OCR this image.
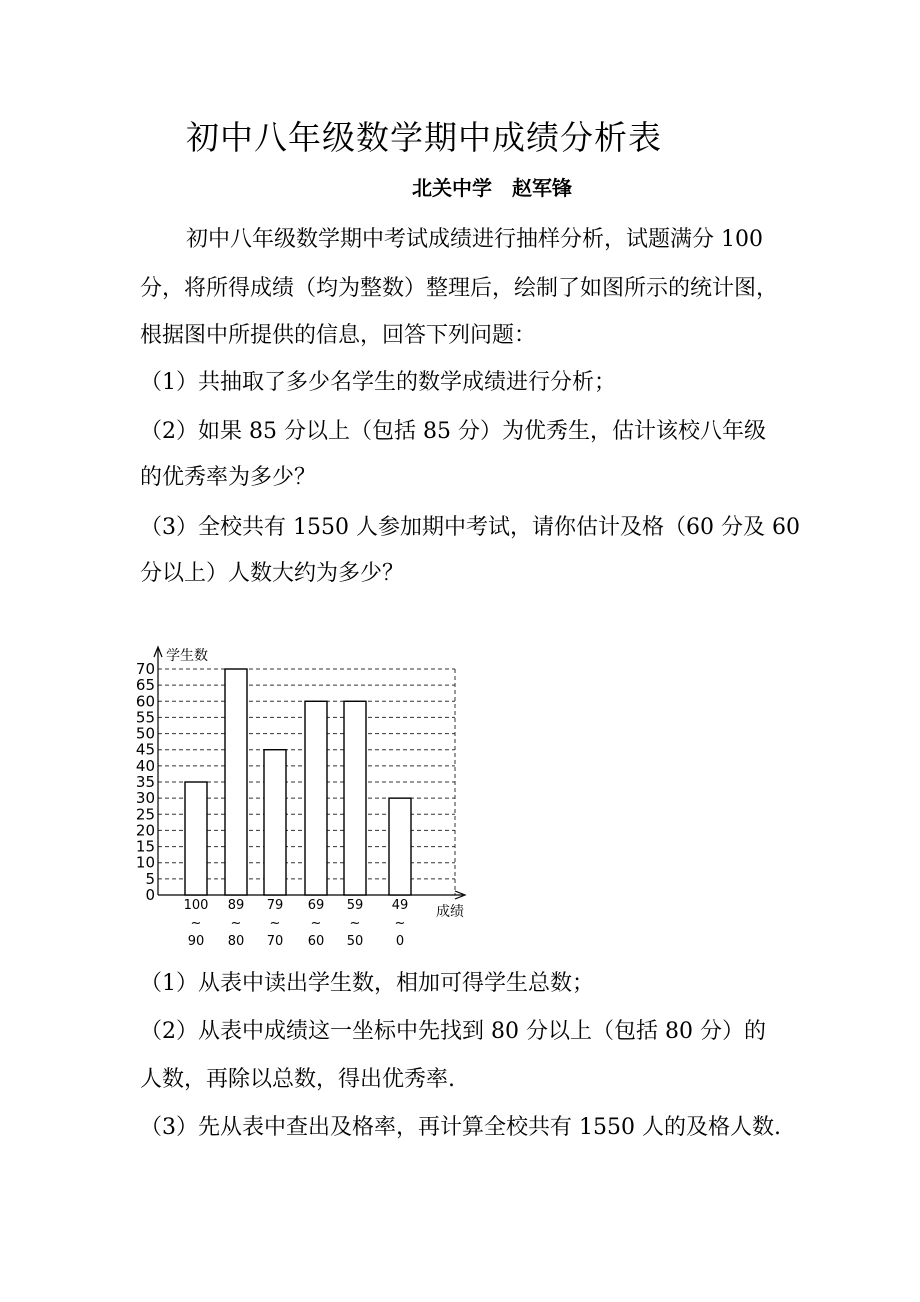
初中八年级数学期中成绩分析表
北关中学　赵军锋
初中八年级数学期中考试成绩进行抽样分析，试题满分 100
分，将所得成绩（均为整数）整理后，绘制了如图所示的统计图，
根据图中所提供的信息，回答下列问题：
（1）共抽取了多少名学生的数学成绩进行分析；
（2）如果 85 分以上（包括 85 分）为优秀生，估计该校八年级
的优秀率为多少？
（3）全校共有 1550 人参加期中考试，请你估计及格（60 分及 60
分以上）人数大约为多少？
0
5
10
15
20
25
30
35
40
45
50
55
60
65
70
100
~
90
89
~
80
79
~
70
69
~
60
59
~
50
49
~
0
学生数
成绩
（1）从表中读出学生数，相加可得学生总数；
（2）从表中成绩这一坐标中先找到 80 分以上（包括 80 分）的
人数，再除以总数，得出优秀率.
（3）先从表中查出及格率，再计算全校共有 1550 人的及格人数.
